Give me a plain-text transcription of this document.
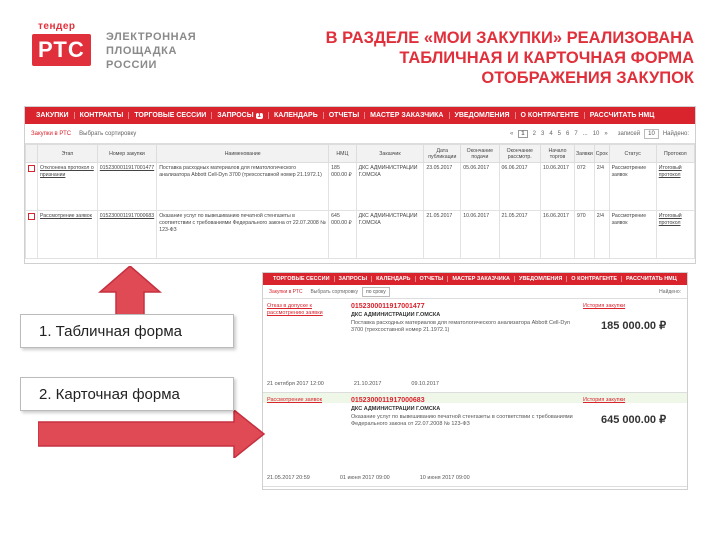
тендер
РТС	ЭЛЕКТРОННАЯ
ПЛОЩАДКА
РОССИИ
В РАЗДЕЛЕ «МОИ ЗАКУПКИ» РЕАЛИЗОВАНА
ТАБЛИЧНАЯ И КАРТОЧНАЯ ФОРМА
ОТОБРАЖЕНИЯ ЗАКУПОК
ЗАКУПКИ	КОНТРАКТЫ	ТОРГОВЫЕ СЕССИИ	ЗАПРОСЫ 1	КАЛЕНДАРЬ	ОТЧЕТЫ	МАСТЕР ЗАКАЗЧИКА	УВЕДОМЛЕНИЯ	О КОНТРАГЕНТЕ	РАССЧИТАТЬ НМЦ
Закупки в РТС Выбрать сортировку	«	1	2 3 4 5 6 7 ... 10 » записей	10	Найдено:
	Этап	Номер закупки	Наименование	НМЦ	Заказчик	Дата публикации	Окончание подачи	Окончание рассмотр.	Начало торгов	Заявки	Срок	Статус	Протокол
	Отклонена протокол о признании	0152300011917001477	Поставка расходных материалов для гематологического анализатора Abbott Cell-Dyn 3700 (трехсоставной номер 21.1972.1)	185 000.00 ₽	ДКС АДМИНИСТРАЦИИ Г.ОМСКА	23.05.2017	05.06.2017	06.06.2017	10.06.2017	072	2/4	Рассмотрение заявок	Итоговый протокол
	Рассмотрение заявок	0152300011917000683	Оказание услуг по вывешиванию печатной стенгазеты в соответствии с требованиями Федерального закона от 22.07.2008 № 123-ФЗ	645 000.00 ₽	ДКС АДМИНИСТРАЦИИ Г.ОМСКА	21.05.2017	10.06.2017	21.05.2017	16.06.2017	970	2/4	Рассмотрение заявок	Итоговый протокол
ТОРГОВЫЕ СЕССИИ	ЗАПРОСЫ	КАЛЕНДАРЬ	ОТЧЕТЫ	МАСТЕР ЗАКАЗЧИКА	УВЕДОМЛЕНИЯ	О КОНТРАГЕНТЕ	РАССЧИТАТЬ НМЦ
Закупки в РТС Выбрать сортировку	по сроку	Найдено:
Отказ в допуске к рассмотрению заявки
0152300011917001477
ДКС АДМИНИСТРАЦИИ Г.ОМСКА
Поставка расходных материалов для гематологического анализатора Abbott Cell-Dyn 3700 (трехсоставной номер 21.1972.1)
История закупки
185 000.00 ₽
21 октября 2017 12:00	21.10.2017	09.10.2017
Рассмотрение заявок	0152300011917000683
ДКС АДМИНИСТРАЦИИ Г.ОМСКА
Оказание услуг по вывешиванию печатной стенгазеты в соответствии с требованиями Федерального закона от 22.07.2008 № 123-ФЗ
История закупки
645 000.00 ₽
21.05.2017 20:59	01 июня 2017 09:00	10 июня 2017 09:00
1. Табличная форма
2. Карточная форма
